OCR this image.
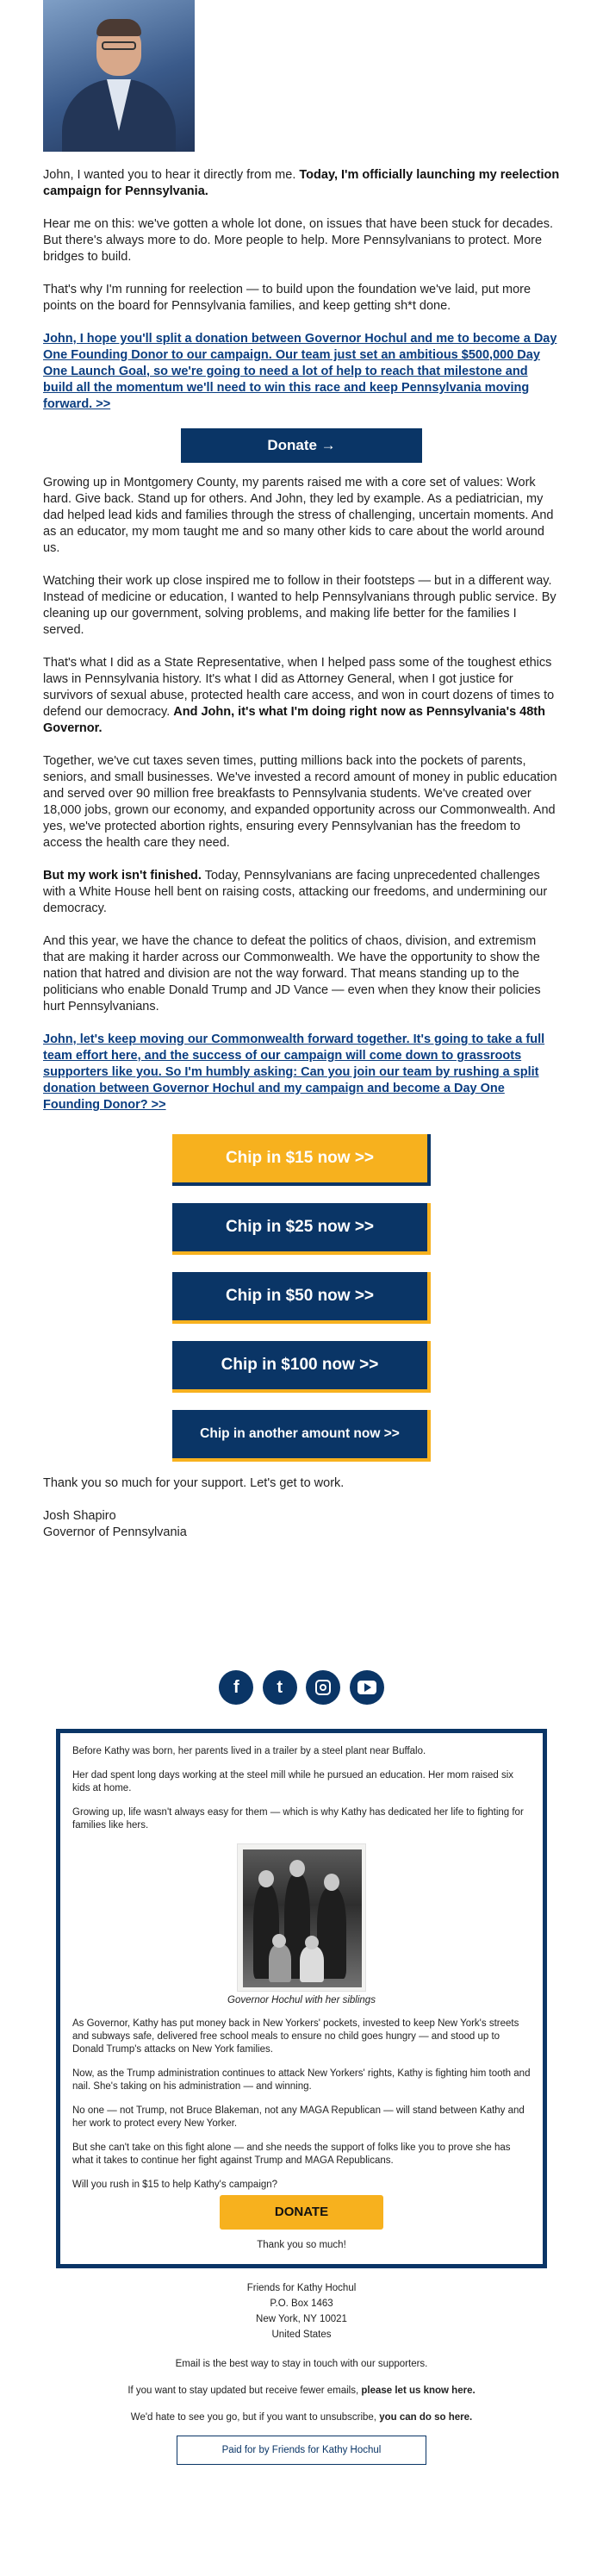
John, I wanted you to hear it directly from me. Today, I'm officially launching my reelection campaign for Pennsylvania.

Hear me on this: we've gotten a whole lot done, on issues that have been stuck for decades. But there's always more to do. More people to help. More Pennsylvanians to protect. More bridges to build.

That's why I'm running for reelection — to build upon the foundation we've laid, put more points on the board for Pennsylvania families, and keep getting sh*t done.

John, I hope you'll split a donation between Governor Hochul and me to become a Day One Founding Donor to our campaign. Our team just set an ambitious $500,000 Day One Launch Goal, so we're going to need a lot of help to reach that milestone and build all the momentum we'll need to win this race and keep Pennsylvania moving forward. >>

Donate →

Growing up in Montgomery County, my parents raised me with a core set of values: Work hard. Give back. Stand up for others. And John, they led by example. As a pediatrician, my dad helped lead kids and families through the stress of challenging, uncertain moments. And as an educator, my mom taught me and so many other kids to care about the world around us.

Watching their work up close inspired me to follow in their footsteps — but in a different way. Instead of medicine or education, I wanted to help Pennsylvanians through public service. By cleaning up our government, solving problems, and making life better for the families I served.

That's what I did as a State Representative, when I helped pass some of the toughest ethics laws in Pennsylvania history. It's what I did as Attorney General, when I got justice for survivors of sexual abuse, protected health care access, and won in court dozens of times to defend our democracy. And John, it's what I'm doing right now as Pennsylvania's 48th Governor.

Together, we've cut taxes seven times, putting millions back into the pockets of parents, seniors, and small businesses. We've invested a record amount of money in public education and served over 90 million free breakfasts to Pennsylvania students. We've created over 18,000 jobs, grown our economy, and expanded opportunity across our Commonwealth. And yes, we've protected abortion rights, ensuring every Pennsylvanian has the freedom to access the health care they need.

But my work isn't finished. Today, Pennsylvanians are facing unprecedented challenges with a White House hell bent on raising costs, attacking our freedoms, and undermining our democracy.

And this year, we have the chance to defeat the politics of chaos, division, and extremism that are making it harder across our Commonwealth. We have the opportunity to show the nation that hatred and division are not the way forward. That means standing up to the politicians who enable Donald Trump and JD Vance — even when they know their policies hurt Pennsylvanians.

John, let's keep moving our Commonwealth forward together. It's going to take a full team effort here, and the success of our campaign will come down to grassroots supporters like you. So I'm humbly asking: Can you join our team by rushing a split donation between Governor Hochul and my campaign and become a Day One Founding Donor? >>

Chip in $15 now >>
Chip in $25 now >>
Chip in $50 now >>
Chip in $100 now >>
Chip in another amount now >>

Thank you so much for your support. Let's get to work.

Josh Shapiro
Governor of Pennsylvania
f
	t

Before Kathy was born, her parents lived in a trailer by a steel plant near Buffalo.

Her dad spent long days working at the steel mill while he pursued an education. Her mom raised six kids at home.

Growing up, life wasn't always easy for them — which is why Kathy has dedicated her life to fighting for families like hers.

Governor Hochul with her siblings

As Governor, Kathy has put money back in New Yorkers' pockets, invested to keep New York's streets and subways safe, delivered free school meals to ensure no child goes hungry — and stood up to Donald Trump's attacks on New York families.

Now, as the Trump administration continues to attack New Yorkers' rights, Kathy is fighting him tooth and nail. She's taking on his administration — and winning.

No one — not Trump, not Bruce Blakeman, not any MAGA Republican — will stand between Kathy and her work to protect every New Yorker.

But she can't take on this fight alone — and she needs the support of folks like you to prove she has what it takes to continue her fight against Trump and MAGA Republicans.

Will you rush in $15 to help Kathy's campaign?

DONATE
Thank you so much!
Friends for Kathy Hochul
P.O. Box 1463
New York, NY 10021
United States
Email is the best way to stay in touch with our supporters.
If you want to stay updated but receive fewer emails, please let us know here.
We'd hate to see you go, but if you want to unsubscribe, you can do so here.
Paid for by Friends for Kathy Hochul
